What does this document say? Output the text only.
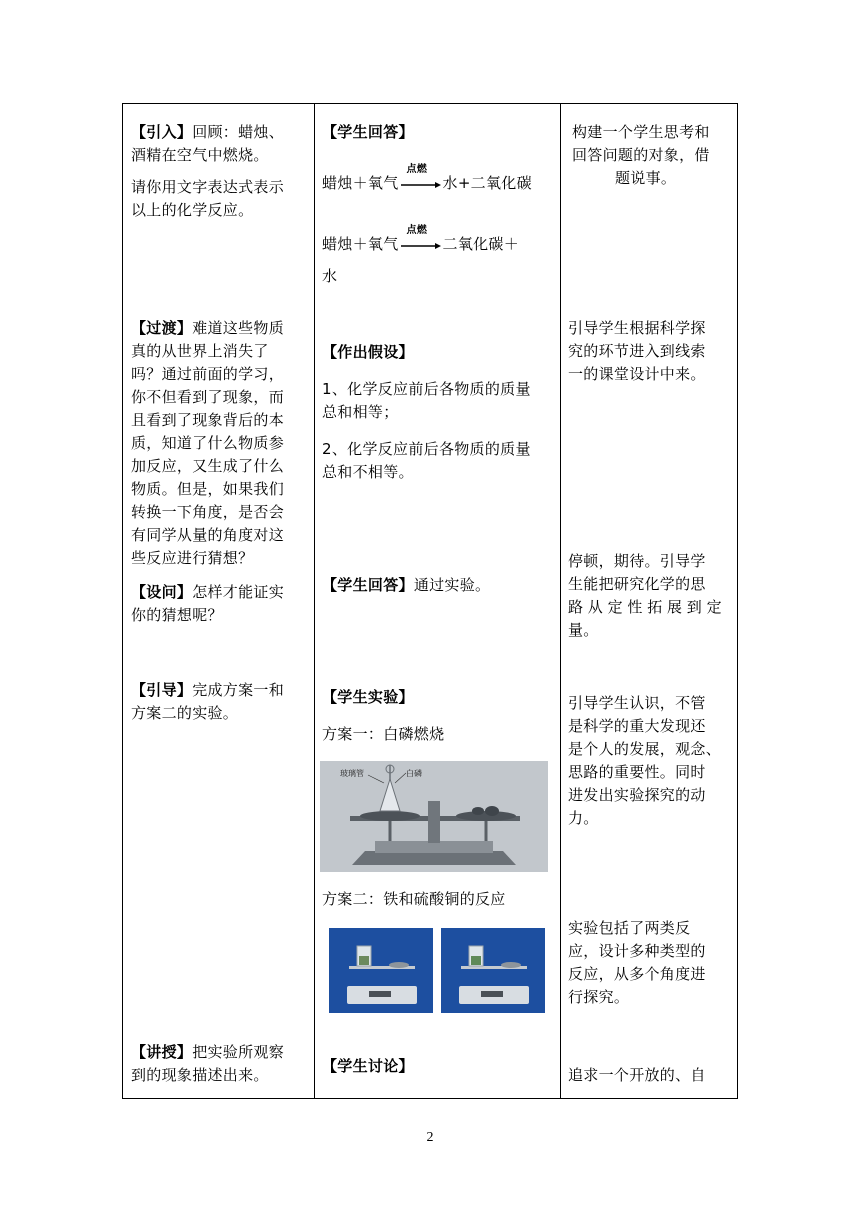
【引入】回顾：蜡烛、
酒精在空气中燃烧。
请你用文字表达式表示
以上的化学反应。
【过渡】难道这些物质
真的从世界上消失了
吗？通过前面的学习，
你不但看到了现象，而
且看到了现象背后的本
质，知道了什么物质参
加反应，又生成了什么
物质。但是，如果我们
转换一下角度，是否会
有同学从量的角度对这
些反应进行猜想？
【设问】怎样才能证实
你的猜想呢？
【引导】完成方案一和
方案二的实验。
【讲授】把实验所观察
到的现象描述出来。
【学生回答】
蜡烛＋氧气
点燃
水+二氧化碳
蜡烛＋氧气
点燃
二氧化碳＋
水
【作出假设】
1、化学反应前后各物质的质量
总和相等；
2、化学反应前后各物质的质量
总和不相等。
【学生回答】通过实验。
【学生实验】
方案一：白磷燃烧
玻璃管	白磷
方案二：铁和硫酸铜的反应
【学生讨论】
构建一个学生思考和
回答问题的对象，借
题说事。
引导学生根据科学探
究的环节进入到线索
一的课堂设计中来。
停顿，期待。引导学
生能把研究化学的思
路从定性拓展到定
量。
引导学生认识，不管
是科学的重大发现还
是个人的发展，观念、
思路的重要性。同时
进发出实验探究的动
力。
实验包括了两类反
应，设计多种类型的
反应，从多个角度进
行探究。
追求一个开放的、自
2
